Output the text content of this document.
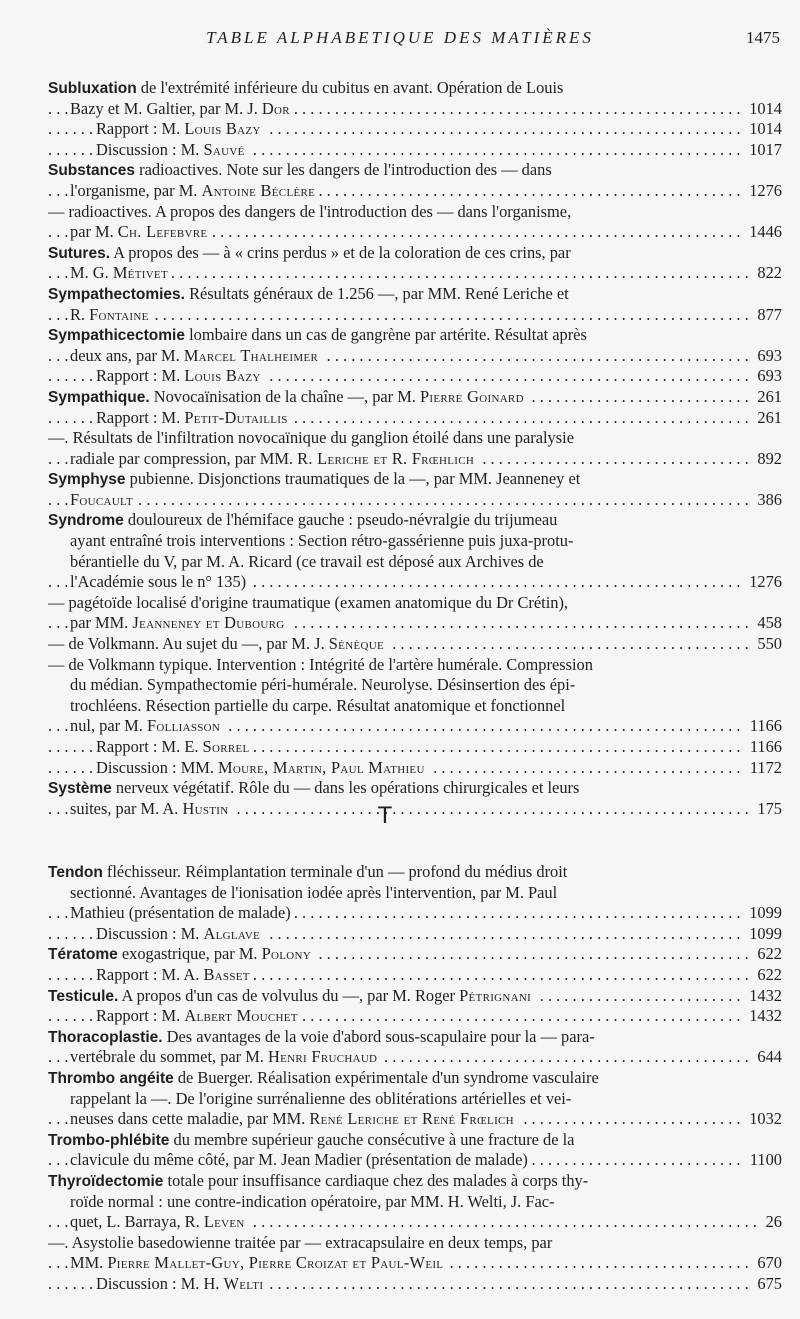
TABLE ALPHABETIQUE DES MATIÈRES	1475
Subluxation de l'extrémité inférieure du cubitus en avant. Opération de Louis
. . . Bazy et M. Galtier, par M. J. Dor	1014
. . . Rapport : M. Louis Bazy	1014
. . . Discussion : M. Sauvé	1017
Substances radioactives. Note sur les dangers de l'introduction des — dans
. . . l'organisme, par M. Antoine Béclère	1276
— radioactives. A propos des dangers de l'introduction des — dans l'organisme,
. . . par M. Ch. Lefebvre	1446
Sutures. A propos des — à « crins perdus » et de la coloration de ces crins, par
. . . M. G. Métivet	822
Sympathectomies. Résultats généraux de 1.256 —, par MM. René Leriche et
. . . R. Fontaine	877
Sympathicectomie lombaire dans un cas de gangrène par artérite. Résultat après
. . . deux ans, par M. Marcel Thalheimer	693
. . . Rapport : M. Louis Bazy	693
. . . Sympathique. Novocaïnisation de la chaîne —, par M. Pierre Goinard	261
. . . Rapport : M. Petit-Dutaillis	261
—. Résultats de l'infiltration novocaïnique du ganglion étoilé dans une paralysie
. . . radiale par compression, par MM. R. Leriche et R. Frœhlich	892
Symphyse pubienne. Disjonctions traumatiques de la —, par MM. Jeanneney et
. . . Foucault	386
Syndrome douloureux de l'hémiface gauche : pseudo-névralgie du trijumeau
ayant entraîné trois interventions : Section rétro-gassérienne puis juxa-protu-
bérantielle du V, par M. A. Ricard (ce travail est déposé aux Archives de
. . . l'Académie sous le n° 135)	1276
— pagétoïde localisé d'origine traumatique (examen anatomique du Dr Crétin),
. . . par MM. Jeanneney et Dubourg	458
. . . — de Volkmann. Au sujet du —, par M. J. Sénèque	550
— de Volkmann typique. Intervention : Intégrité de l'artère humérale. Compression
du médian. Sympathectomie péri-humérale. Neurolyse. Désinsertion des épi-
trochléens. Résection partielle du carpe. Résultat anatomique et fonctionnel
. . . nul, par M. Folliasson	1166
. . . Rapport : M. E. Sorrel	1166
. . . Discussion : MM. Moure, Martin, Paul Mathieu	1172
Système nerveux végétatif. Rôle du — dans les opérations chirurgicales et leurs
. . . suites, par M. A. Hustin	175
T
Tendon fléchisseur. Réimplantation terminale d'un — profond du médius droit
sectionné. Avantages de l'ionisation iodée après l'intervention, par M. Paul
. . . Mathieu (présentation de malade)	1099
. . . Discussion : M. Alglave	1099
. . . Tératome exogastrique, par M. Polony	622
. . . Rapport : M. A. Basset	622
. . . Testicule. A propos d'un cas de volvulus du —, par M. Roger Pétrignani	1432
. . . Rapport : M. Albert Mouchet	1432
Thoracoplastie. Des avantages de la voie d'abord sous-scapulaire pour la — para-
. . . vertébrale du sommet, par M. Henri Fruchaud	644
Thrombo angéite de Buerger. Réalisation expérimentale d'un syndrome vasculaire
rappelant la —. De l'origine surrénalienne des oblitérations artérielles et vei-
. . . neuses dans cette maladie, par MM. René Leriche et René Frœlich	1032
Trombo-phlébite du membre supérieur gauche consécutive à une fracture de la
. . . clavicule du même côté, par M. Jean Madier (présentation de malade)	1100
Thyroïdectomie totale pour insuffisance cardiaque chez des malades à corps thy-
roïde normal : une contre-indication opératoire, par MM. H. Welti, J. Fac-
. . . quet, L. Barraya, R. Leven	26
—. Asystolie basedowienne traitée par — extracapsulaire en deux temps, par
. . . MM. Pierre Mallet-Guy, Pierre Croizat et Paul-Weil	670
. . . Discussion : M. H. Welti	675
